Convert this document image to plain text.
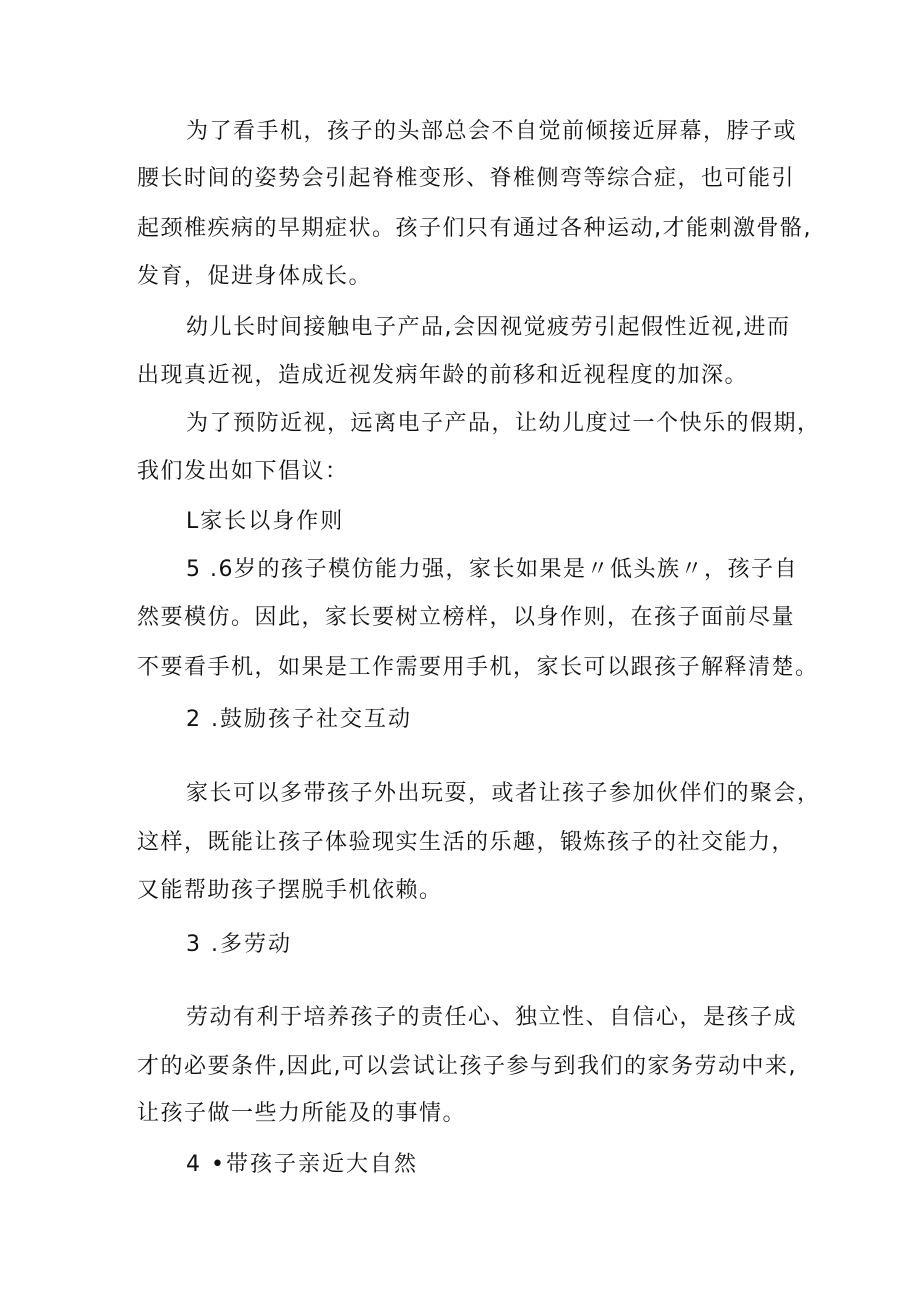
为了看手机，孩子的头部总会不自觉前倾接近屏幕，脖子或
腰长时间的姿势会引起脊椎变形、脊椎侧弯等综合症，也可能引
起颈椎疾病的早期症状。孩子们只有通过各种运动,才能刺激骨骼,
发育，促进身体成长。
幼儿长时间接触电子产品,会因视觉疲劳引起假性近视,进而
出现真近视，造成近视发病年龄的前移和近视程度的加深。
为了预防近视，远离电子产品，让幼儿度过一个快乐的假期，
我们发出如下倡议：
L家长以身作则
5 .6岁的孩子模仿能力强，家长如果是〃低头族〃，孩子自
然要模仿。因此，家长要树立榜样，以身作则，在孩子面前尽量
不要看手机，如果是工作需要用手机，家长可以跟孩子解释清楚。
2 .鼓励孩子社交互动
家长可以多带孩子外出玩耍，或者让孩子参加伙伴们的聚会，
这样，既能让孩子体验现实生活的乐趣，锻炼孩子的社交能力，
又能帮助孩子摆脱手机依赖。
3 .多劳动
劳动有利于培养孩子的责任心、独立性、自信心，是孩子成
才的必要条件,因此,可以尝试让孩子参与到我们的家务劳动中来,
让孩子做一些力所能及的事情。
4 •带孩子亲近大自然
